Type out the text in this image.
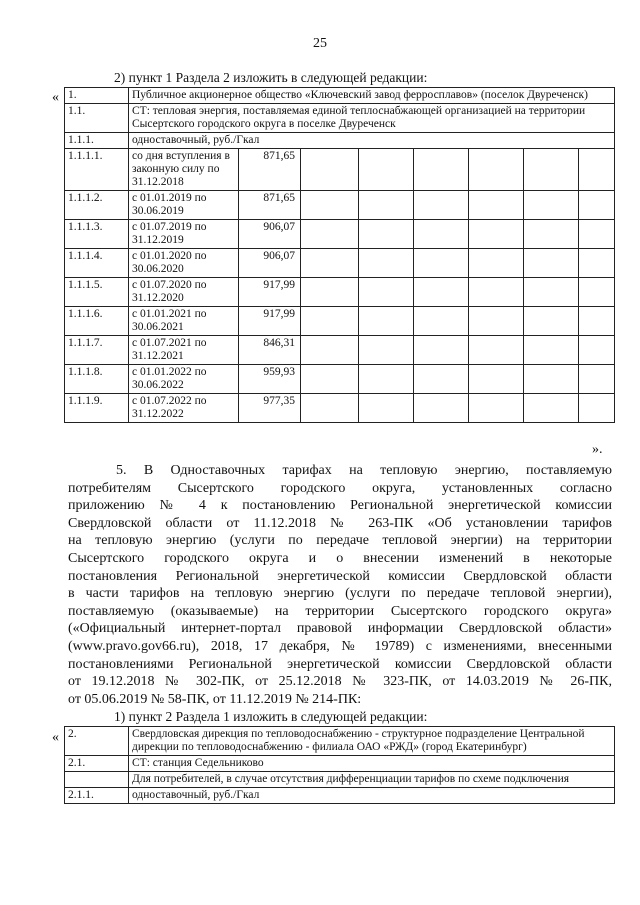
25
2) пункт 1 Раздела 2 изложить в следующей редакции:
« 1.	Публичное акционерное общество «Ключевский завод ферросплавов» (поселок Двуреченск)							
1.1.	СТ: тепловая энергия, поставляемая единой теплоснабжающей организацией на территории Сысертского городского округа в поселке Двуреченск							
1.1.1.	одноставочный, руб./Гкал							
1.1.1.1.	со дня вступления в законную силу по 31.12.2018	871,65						
1.1.1.2.	с 01.01.2019 по 30.06.2019	871,65						
1.1.1.3.	с 01.07.2019 по 31.12.2019	906,07						
1.1.1.4.	с 01.01.2020 по 30.06.2020	906,07						
1.1.1.5.	с 01.07.2020 по 31.12.2020	917,99						
1.1.1.6.	с 01.01.2021 по 30.06.2021	917,99						
1.1.1.7.	с 01.07.2021 по 31.12.2021	846,31						
1.1.1.8.	с 01.01.2022 по 30.06.2022	959,93						
1.1.1.9.	с 01.07.2022 по 31.12.2022	977,35						
».
5. В Одноставочных тарифах на тепловую энергию, поставляемую
потребителям Сысертского городского округа, установленных согласно
приложению № 4 к постановлению Региональной энергетической комиссии
Свердловской области от 11.12.2018 № 263-ПК «Об установлении тарифов
на тепловую энергию (услуги по передаче тепловой энергии) на территории
Сысертского городского округа и о внесении изменений в некоторые
постановления Региональной энергетической комиссии Свердловской области
в части тарифов на тепловую энергию (услуги по передаче тепловой энергии),
поставляемую (оказываемые) на территории Сысертского городского округа»
(«Официальный интернет-портал правовой информации Свердловской области»
(www.pravo.gov66.ru), 2018, 17 декабря, № 19789) с изменениями, внесенными
постановлениями Региональной энергетической комиссии Свердловской области
от 19.12.2018 № 302-ПК, от 25.12.2018 № 323-ПК, от 14.03.2019 № 26-ПК,
от 05.06.2019 № 58-ПК, от 11.12.2019 № 214-ПК:
1) пункт 2 Раздела 1 изложить в следующей редакции:
« 2.	Свердловская дирекция по тепловодоснабжению - структурное подразделение Центральной дирекции по тепловодоснабжению - филиала ОАО «РЖД» (город Екатеринбург)
2.1.	СТ: станция Седельниково
	Для потребителей, в случае отсутствия дифференциации тарифов по схеме подключения
2.1.1.	одноставочный, руб./Гкал
